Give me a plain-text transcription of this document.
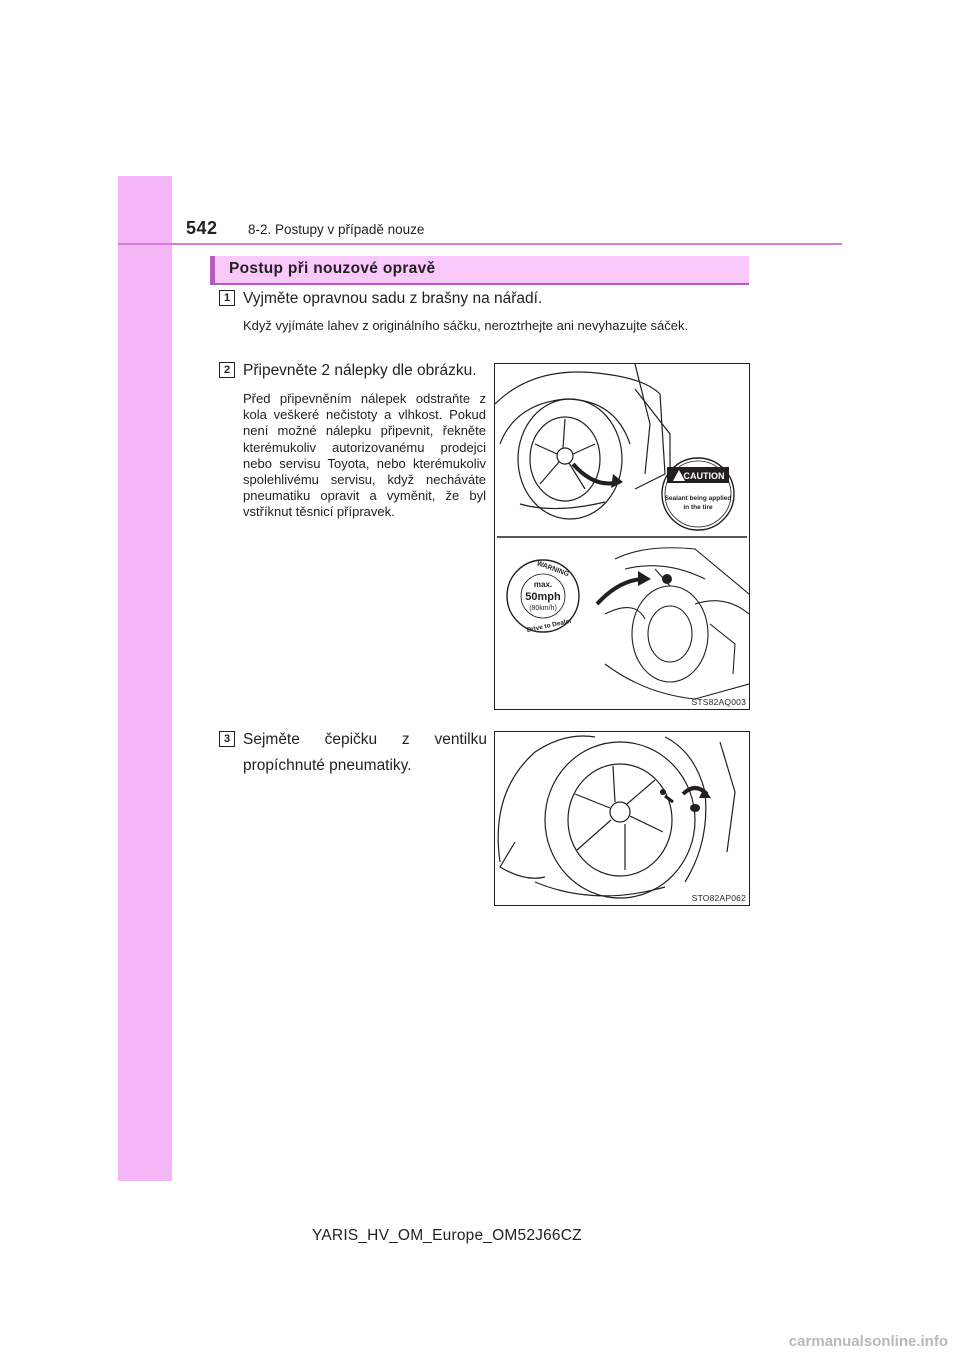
542 8-2. Postupy v případě nouze
Postup při nouzové opravě
1 Vyjměte opravnou sadu z brašny na nářadí.
Když vyjímáte lahev z originálního sáčku, neroztrhejte ani nevyhazujte sáček.
2 Připevněte 2 nálepky dle obrázku.
Před připevněním nálepek odstraňte z kola veškeré nečistoty a vlhkost. Pokud není možné nálepku připevnit, řekněte kterémukoliv autorizovanému prodejci nebo servisu Toyota, nebo kterémukoliv spolehlivému servisu, když necháváte pneumatiku opravit a vyměnit, že byl vstříknut těsnicí přípravek.
CAUTION
Sealant being applied
in the tire
WARNING
max.
50mph
(80km/h)
Drive to Dealer
STS82AQ003
3 Sejměte čepičku z ventilku propíchnuté pneumatiky.
STO82AP062
YARIS_HV_OM_Europe_OM52J66CZ
carmanualsonline.info
